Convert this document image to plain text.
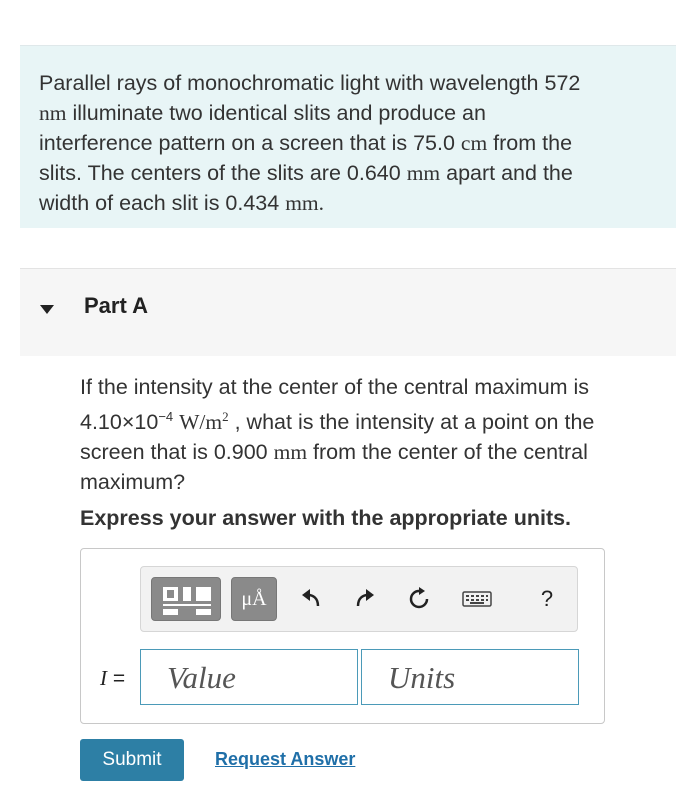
Parallel rays of monochromatic light with wavelength 572
nm illuminate two identical slits and produce an
interference pattern on a screen that is 75.0 cm from the
slits. The centers of the slits are 0.640 mm apart and the
width of each slit is 0.434 mm.
Part A
If the intensity at the center of the central maximum is
$4.10\times 10^{-4}$ $W/m^2$ , what is the intensity at a point on the
screen that is 0.900 mm from the center of the central
maximum?
Express your answer with the appropriate units.
μÅ	?
I = Value	Units
Submit	Request Answer
